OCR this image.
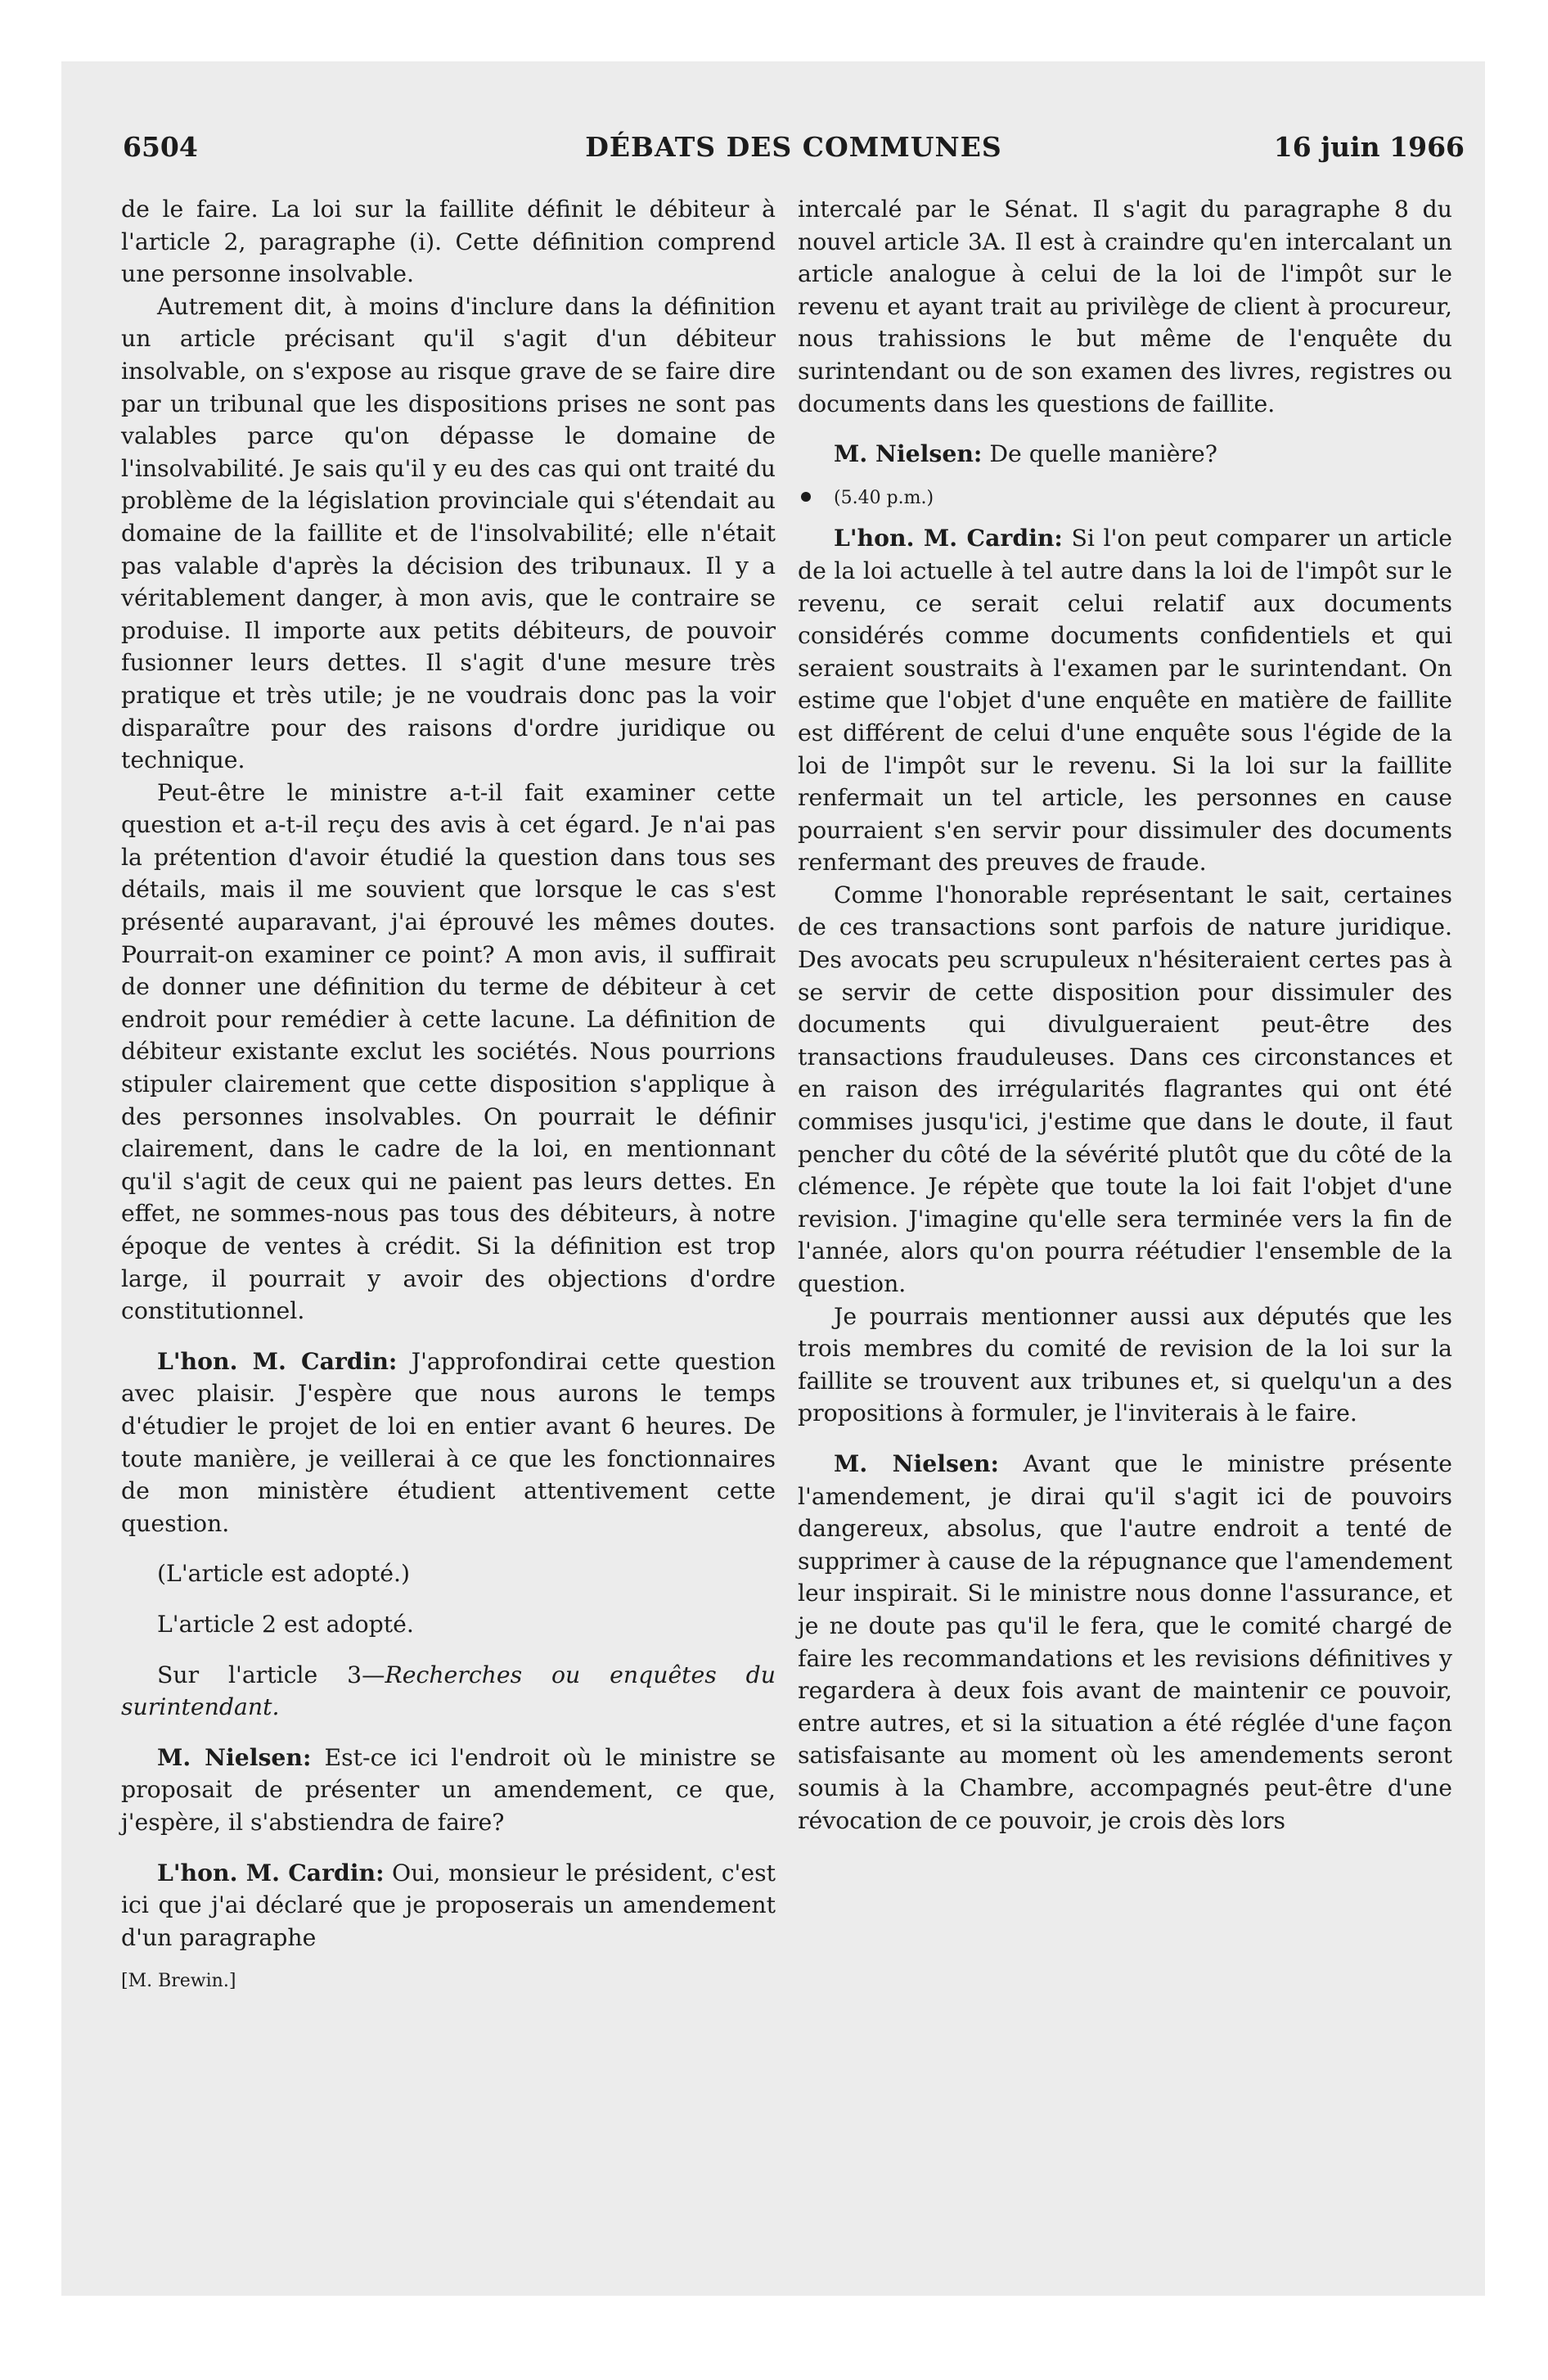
DÉBATS DES COMMUNES
6504	16 juin 1966

de le faire. La loi sur la faillite définit le débiteur à l'article 2, paragraphe (i). Cette définition comprend une personne insolvable.

Autrement dit, à moins d'inclure dans la définition un article précisant qu'il s'agit d'un débiteur insolvable, on s'expose au risque grave de se faire dire par un tribunal que les dispositions prises ne sont pas valables parce qu'on dépasse le domaine de l'insolvabilité. Je sais qu'il y eu des cas qui ont traité du problème de la législation provinciale qui s'étendait au domaine de la faillite et de l'insolvabilité; elle n'était pas valable d'après la décision des tribunaux. Il y a véritablement danger, à mon avis, que le contraire se produise. Il importe aux petits débiteurs, de pouvoir fusionner leurs dettes. Il s'agit d'une mesure très pratique et très utile; je ne voudrais donc pas la voir disparaître pour des raisons d'ordre juridique ou technique.

Peut-être le ministre a-t-il fait examiner cette question et a-t-il reçu des avis à cet égard. Je n'ai pas la prétention d'avoir étudié la question dans tous ses détails, mais il me souvient que lorsque le cas s'est présenté auparavant, j'ai éprouvé les mêmes doutes. Pourrait-on examiner ce point? A mon avis, il suffirait de donner une définition du terme de débiteur à cet endroit pour remédier à cette lacune. La définition de débiteur existante exclut les sociétés. Nous pourrions stipuler clairement que cette disposition s'applique à des personnes insolvables. On pourrait le définir clairement, dans le cadre de la loi, en mentionnant qu'il s'agit de ceux qui ne paient pas leurs dettes. En effet, ne sommes-nous pas tous des débiteurs, à notre époque de ventes à crédit. Si la définition est trop large, il pourrait y avoir des objections d'ordre constitutionnel.

L'hon. M. Cardin: J'approfondirai cette question avec plaisir. J'espère que nous aurons le temps d'étudier le projet de loi en entier avant 6 heures. De toute manière, je veillerai à ce que les fonctionnaires de mon ministère étudient attentivement cette question.

(L'article est adopté.)

L'article 2 est adopté.

Sur l'article 3—Recherches ou enquêtes du surintendant.

M. Nielsen: Est-ce ici l'endroit où le ministre se proposait de présenter un amendement, ce que, j'espère, il s'abstiendra de faire?

L'hon. M. Cardin: Oui, monsieur le président, c'est ici que j'ai déclaré que je proposerais un amendement d'un paragraphe

[M. Brewin.]

intercalé par le Sénat. Il s'agit du paragraphe 8 du nouvel article 3A. Il est à craindre qu'en intercalant un article analogue à celui de la loi de l'impôt sur le revenu et ayant trait au privilège de client à procureur, nous trahissions le but même de l'enquête du surintendant ou de son examen des livres, registres ou documents dans les questions de faillite.

M. Nielsen: De quelle manière?

(5.40 p.m.)

L'hon. M. Cardin: Si l'on peut comparer un article de la loi actuelle à tel autre dans la loi de l'impôt sur le revenu, ce serait celui relatif aux documents considérés comme documents confidentiels et qui seraient soustraits à l'examen par le surintendant. On estime que l'objet d'une enquête en matière de faillite est différent de celui d'une enquête sous l'égide de la loi de l'impôt sur le revenu. Si la loi sur la faillite renfermait un tel article, les personnes en cause pourraient s'en servir pour dissimuler des documents renfermant des preuves de fraude.

Comme l'honorable représentant le sait, certaines de ces transactions sont parfois de nature juridique. Des avocats peu scrupuleux n'hésiteraient certes pas à se servir de cette disposition pour dissimuler des documents qui divulgueraient peut-être des transactions frauduleuses. Dans ces circonstances et en raison des irrégularités flagrantes qui ont été commises jusqu'ici, j'estime que dans le doute, il faut pencher du côté de la sévérité plutôt que du côté de la clémence. Je répète que toute la loi fait l'objet d'une revision. J'imagine qu'elle sera terminée vers la fin de l'année, alors qu'on pourra réétudier l'ensemble de la question.

Je pourrais mentionner aussi aux députés que les trois membres du comité de revision de la loi sur la faillite se trouvent aux tribunes et, si quelqu'un a des propositions à formuler, je l'inviterais à le faire.

M. Nielsen: Avant que le ministre présente l'amendement, je dirai qu'il s'agit ici de pouvoirs dangereux, absolus, que l'autre endroit a tenté de supprimer à cause de la répugnance que l'amendement leur inspirait. Si le ministre nous donne l'assurance, et je ne doute pas qu'il le fera, que le comité chargé de faire les recommandations et les revisions définitives y regardera à deux fois avant de maintenir ce pouvoir, entre autres, et si la situation a été réglée d'une façon satisfaisante au moment où les amendements seront soumis à la Chambre, accompagnés peut-être d'une révocation de ce pouvoir, je crois dès lors
